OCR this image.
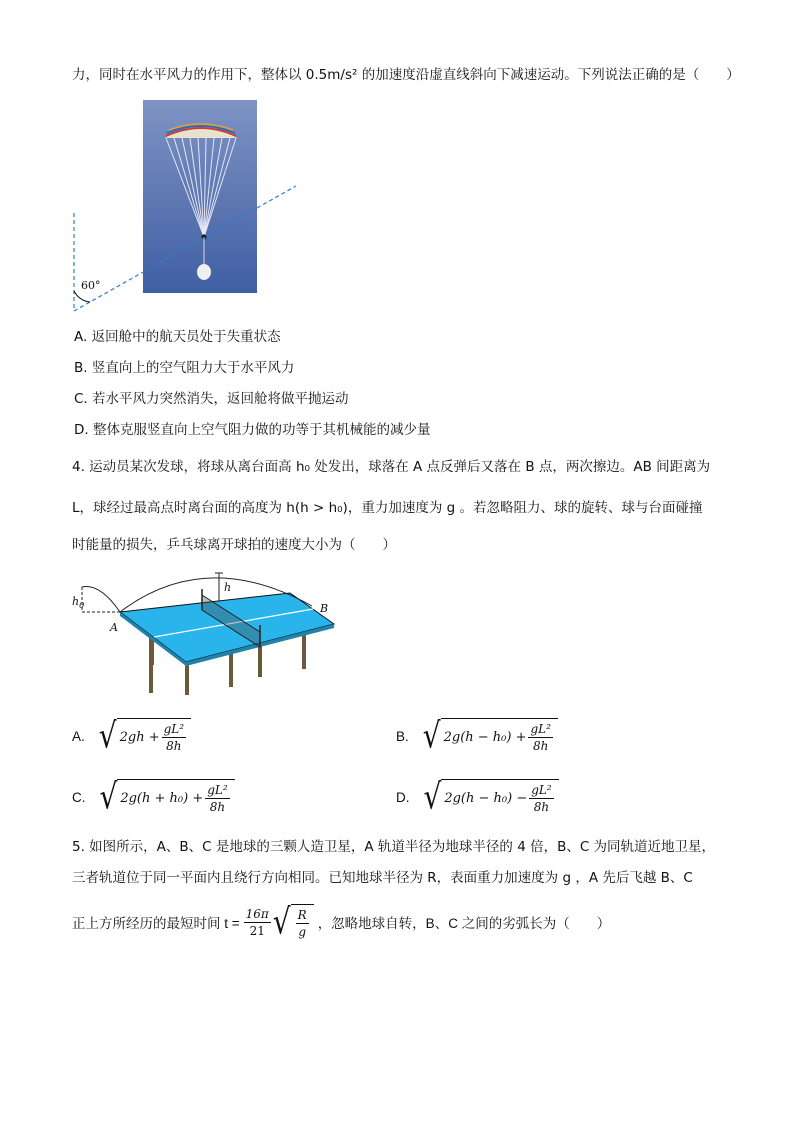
力，同时在水平风力的作用下，整体以 0.5m/s² 的加速度沿虚直线斜向下减速运动。下列说法正确的是（　　）
60°
A. 返回舱中的航天员处于失重状态
B. 竖直向上的空气阻力大于水平风力
C. 若水平风力突然消失，返回舱将做平抛运动
D. 整体克服竖直向上空气阻力做的功等于其机械能的减少量
4. 运动员某次发球，将球从离台面高 h₀ 处发出，球落在 A 点反弹后又落在 B 点，两次擦边。AB 间距离为
L，球经过最高点时离台面的高度为 h(h > h₀)，重力加速度为 g 。若忽略阻力、球的旋转、球与台面碰撞
时能量的损失，乒乓球离开球拍的速度大小为（　　）
$h_0$
h
A
B
A. √ $2gh + \frac{\text{gL²}}{8h}$	B. √ $2g(h - h_0) + \frac{\text{gL²}}{8h}$
C. √ $2g(h + h_0) + \frac{\text{gL²}}{8h}$	D. √ $2g(h - h_0) - \frac{\text{gL²}}{8h}$
5. 如图所示，A、B、C 是地球的三颗人造卫星，A 轨道半径为地球半径的 4 倍，B、C 为同轨道近地卫星，
三者轨道位于同一平面内且绕行方向相同。已知地球半径为 R，表面重力加速度为 g ，A 先后飞越 B、C
正上方所经历的最短时间 $t = \frac{16\pi}{21}$ √ $\frac{R}{g}$ ，忽略地球自转，B、C 之间的劣弧长为（　　）
